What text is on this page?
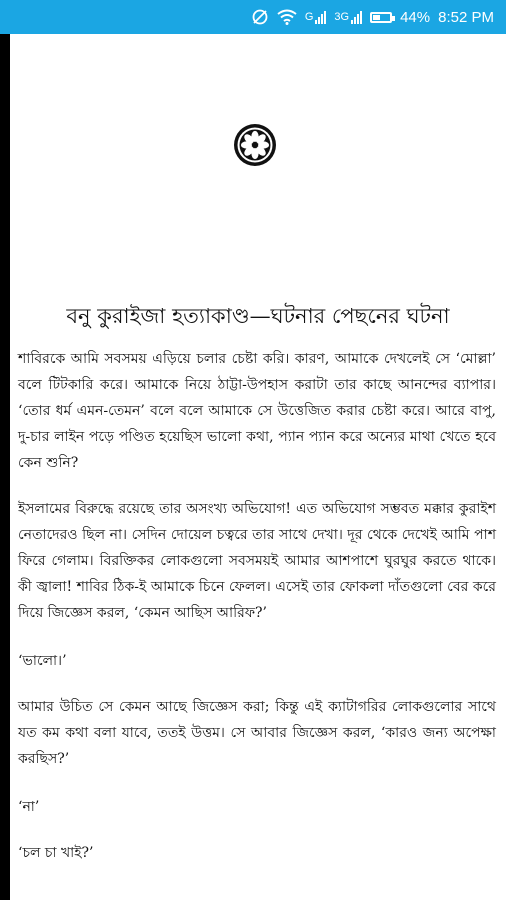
G 3G	44% 8:52 PM
বনু কুরাইজা হত্যাকাণ্ড—ঘটনার পেছনের ঘটনা

শাবিরকে আমি সবসময় এড়িয়ে চলার চেষ্টা করি। কারণ, আমাকে দেখলেই সে ‘মোল্লা’ বলে টিটকারি করে। আমাকে নিয়ে ঠাট্টা-উপহাস করাটা তার কাছে আনন্দের ব্যাপার। ‘তোর ধর্ম এমন-তেমন’ বলে বলে আমাকে সে উত্তেজিত করার চেষ্টা করে। আরে বাপু, দু-চার লাইন পড়ে পণ্ডিত হয়েছিস ভালো কথা, প্যান প্যান করে অন্যের মাথা খেতে হবে কেন শুনি?

ইসলামের বিরুদ্ধে রয়েছে তার অসংখ্য অভিযোগ! এত অভিযোগ সম্ভবত মক্কার কুরাইশ নেতাদেরও ছিল না। সেদিন দোয়েল চত্বরে তার সাথে দেখা। দূর থেকে দেখেই আমি পাশ ফিরে গেলাম। বিরক্তিকর লোকগুলো সবসময়ই আমার আশপাশে ঘুরঘুর করতে থাকে। কী জ্বালা! শাবির ঠিক-ই আমাকে চিনে ফেলল। এসেই তার ফোকলা দাঁতগুলো বের করে দিয়ে জিজ্ঞেস করল, ‘কেমন আছিস আরিফ?’

‘ভালো।’

আমার উচিত সে কেমন আছে জিজ্ঞেস করা; কিন্তু এই ক্যাটাগরির লোকগুলোর সাথে যত কম কথা বলা যাবে, ততই উত্তম। সে আবার জিজ্ঞেস করল, ‘কারও জন্য অপেক্ষা করছিস?’

‘না’

‘চল চা খাই?’
